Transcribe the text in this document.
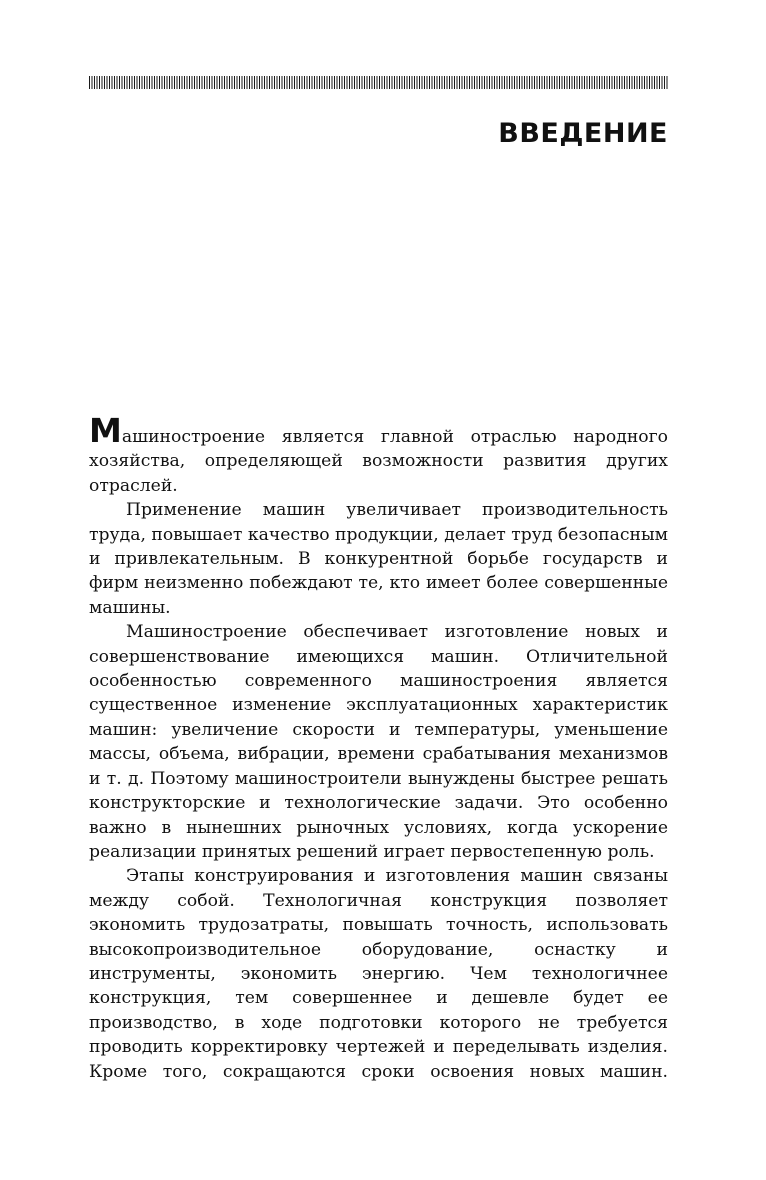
ВВЕДЕНИЕ

Машиностроение является главной отраслью народного хозяйства, определяющей возможности развития других отраслей.

Применение машин увеличивает производительность труда, повышает качество продукции, делает труд безопасным и привлекательным. В конкурентной борьбе государств и фирм неизменно побеждают те, кто имеет более совершенные машины.

Машиностроение обеспечивает изготовление новых и совершенствование имеющихся машин. Отличительной особенностью современного машиностроения является существенное изменение эксплуатационных характеристик машин: увеличение скорости и температуры, уменьшение массы, объема, вибрации, времени срабатывания механизмов и т. д. Поэтому машиностроители вынуждены быстрее решать конструкторские и технологические задачи. Это особенно важно в нынешних рыночных условиях, когда ускорение реализации принятых решений играет первостепенную роль.

Этапы конструирования и изготовления машин связаны между собой. Технологичная конструкция позволяет экономить трудозатраты, повышать точность, использовать высокопроизводительное оборудование, оснастку и инструменты, экономить энергию. Чем технологичнее конструкция, тем совершеннее и дешевле будет ее производство, в ходе подготовки которого не требуется проводить корректировку чертежей и переделывать изделия. Кроме того, сокращаются сроки освоения новых машин.
